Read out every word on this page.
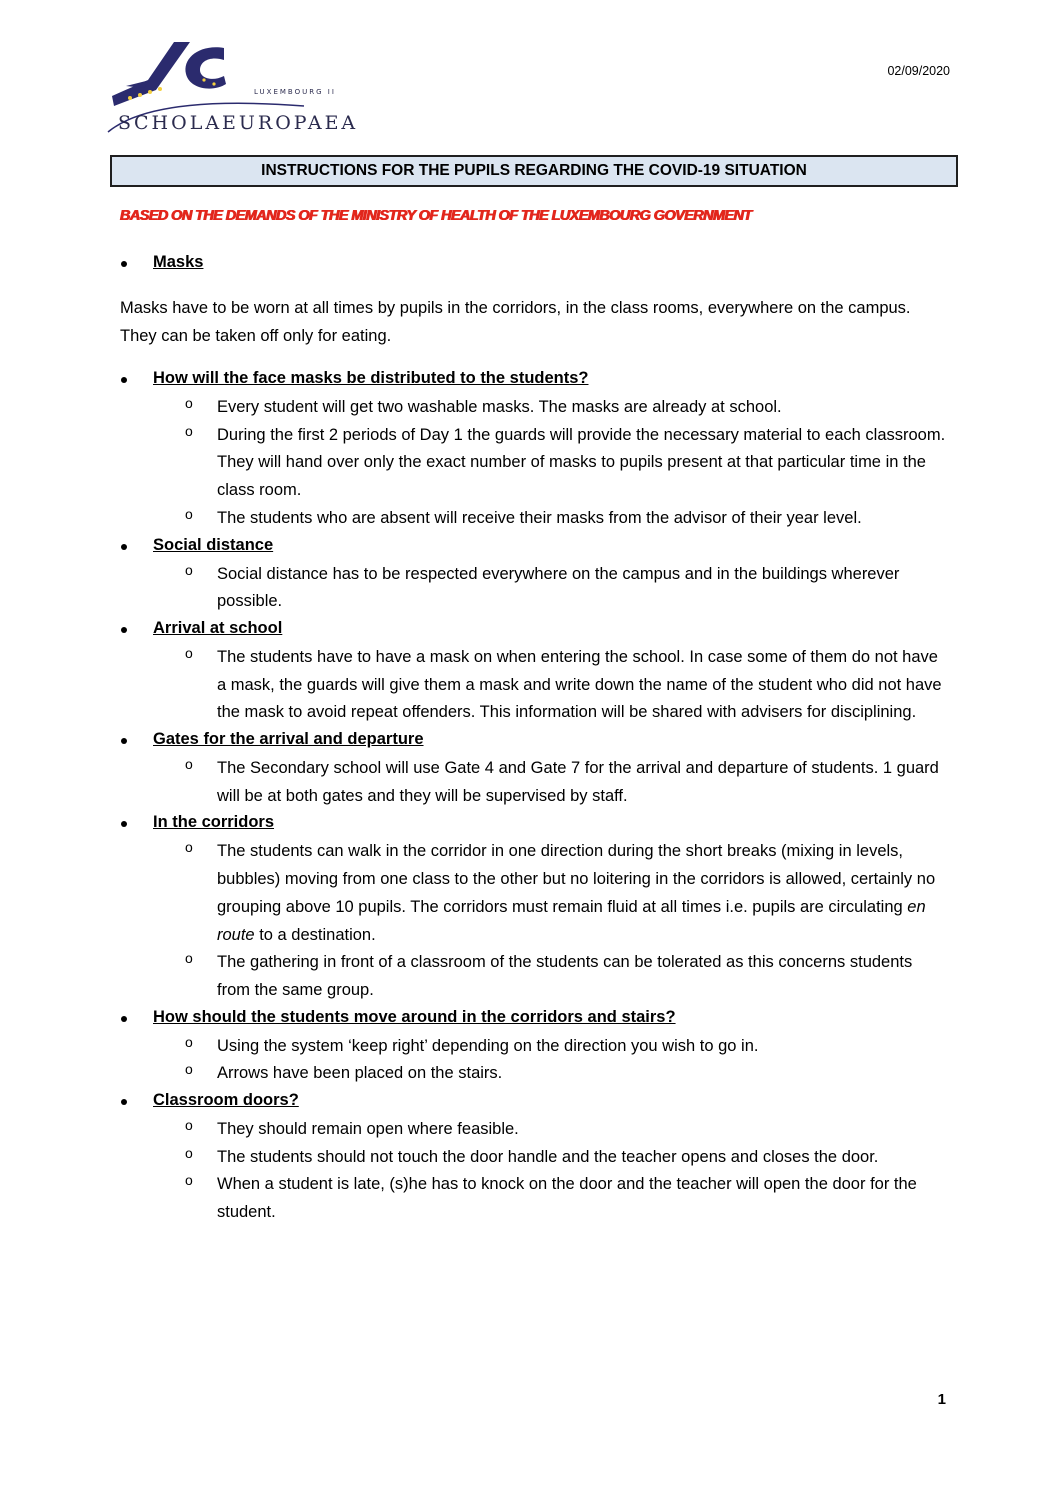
LUXEMBOURG II
SCHOLAEUROPAEA
02/09/2020
INSTRUCTIONS FOR THE PUPILS REGARDING THE COVID-19 SITUATION
BASED ON THE DEMANDS OF THE MINISTRY OF HEALTH OF THE LUXEMBOURG GOVERNMENT
Masks
Masks have to be worn at all times by pupils in the corridors, in the class rooms, everywhere on the campus. They can be taken off only for eating.
How will the face masks be distributed to the students?
o Every student will get two washable masks. The masks are already at school.
o During the first 2 periods of Day 1 the guards will provide the necessary material to each classroom. They will hand over only the exact number of masks to pupils present at that particular time in the class room.
o The students who are absent will receive their masks from the advisor of their year level.
Social distance
o Social distance has to be respected everywhere on the campus and in the buildings wherever possible.
Arrival at school
o The students have to have a mask on when entering the school. In case some of them do not have a mask, the guards will give them a mask and write down the name of the student who did not have the mask to avoid repeat offenders. This information will be shared with advisers for disciplining.
Gates for the arrival and departure
o The Secondary school will use Gate 4 and Gate 7 for the arrival and departure of students. 1 guard will be at both gates and they will be supervised by staff.
In the corridors
o The students can walk in the corridor in one direction during the short breaks (mixing in levels, bubbles) moving from one class to the other but no loitering in the corridors is allowed, certainly no grouping above 10 pupils. The corridors must remain fluid at all times i.e. pupils are circulating en route to a destination.
o The gathering in front of a classroom of the students can be tolerated as this concerns students from the same group.
How should the students move around in the corridors and stairs?
o Using the system ‘keep right’ depending on the direction you wish to go in.
o Arrows have been placed on the stairs.
Classroom doors?
o They should remain open where feasible.
o The students should not touch the door handle and the teacher opens and closes the door.
o When a student is late, (s)he has to knock on the door and the teacher will open the door for the student.
1
